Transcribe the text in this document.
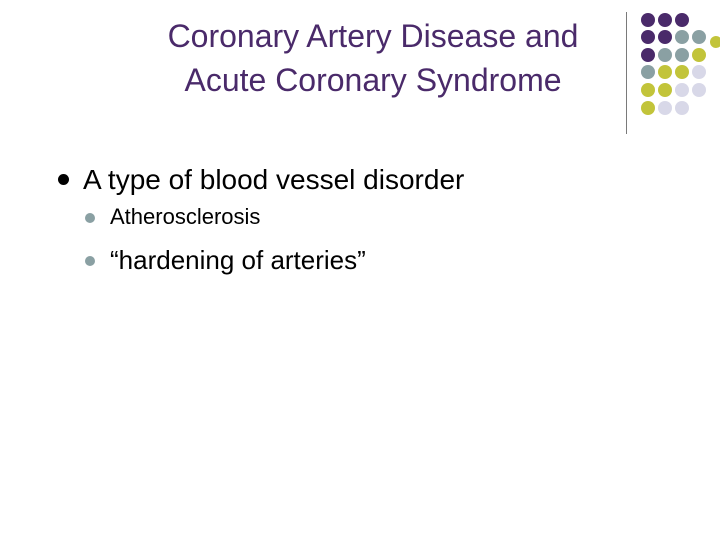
Coronary Artery Disease and
Acute Coronary Syndrome
A type of blood vessel disorder
Atherosclerosis
“hardening of arteries”
